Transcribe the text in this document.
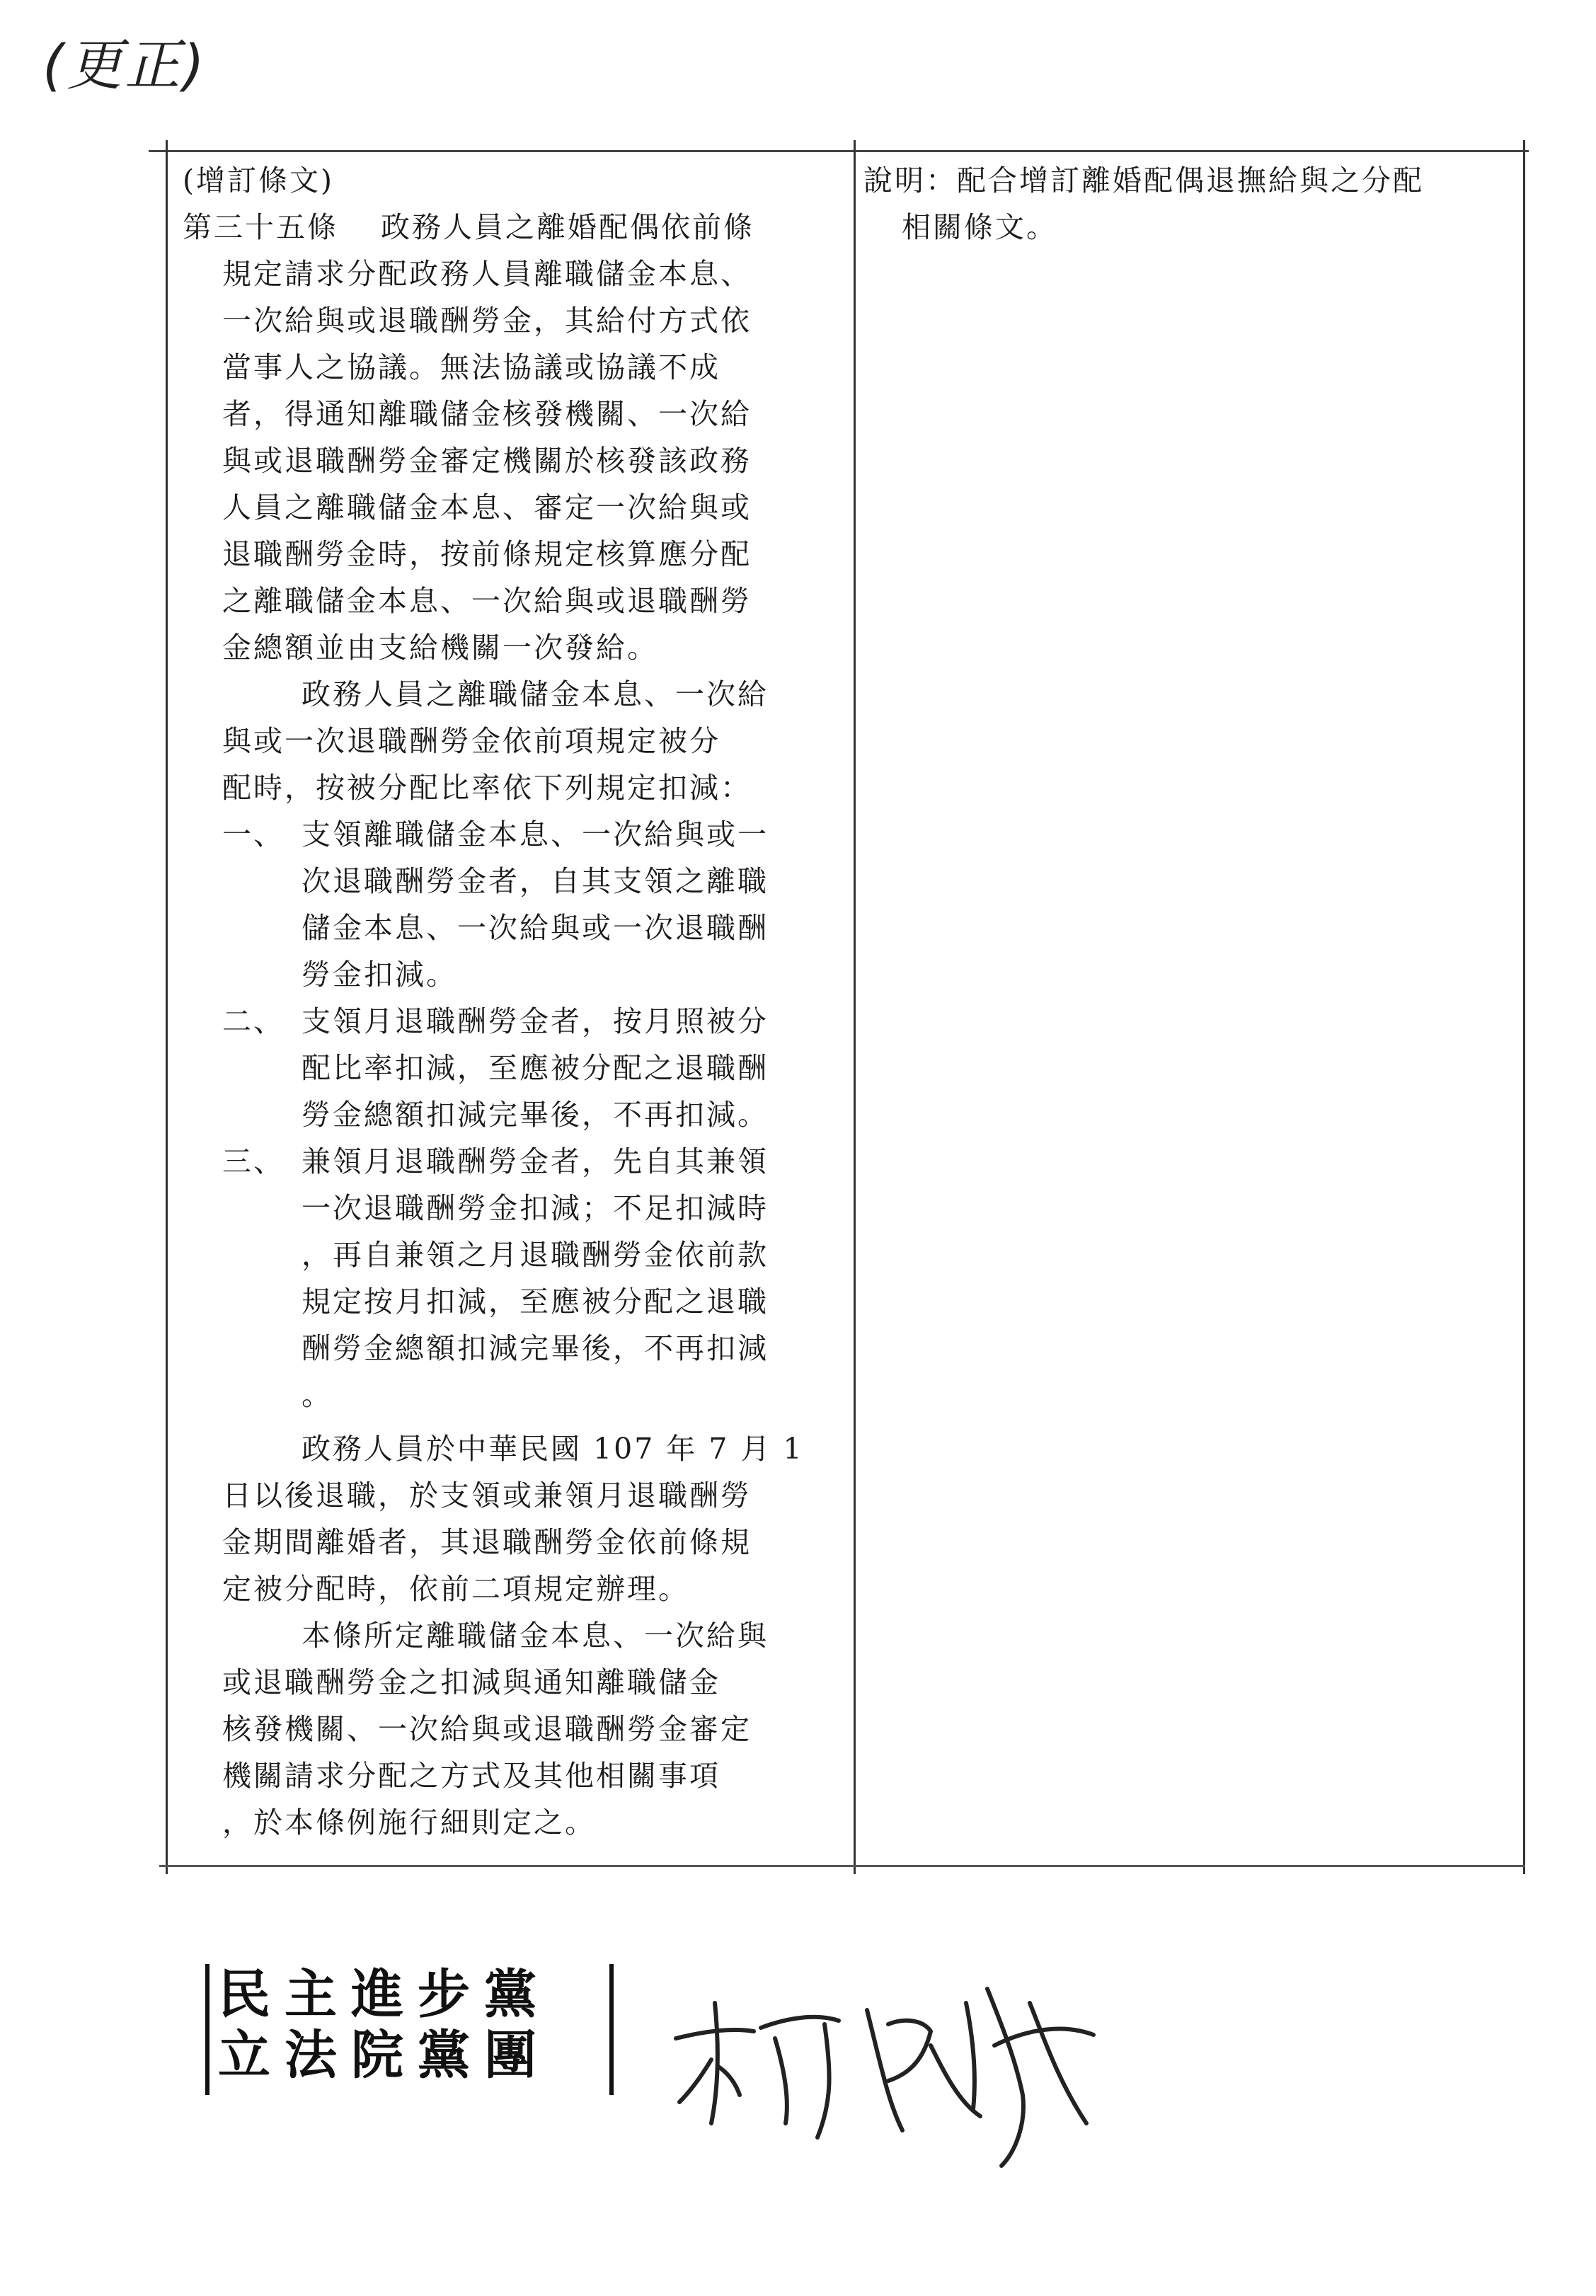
(更正)

(增訂條文)

第三十五條　 政務人員之離婚配偶依前條

規定請求分配政務人員離職儲金本息、

一次給與或退職酬勞金，其給付方式依

當事人之協議。無法協議或協議不成

者，得通知離職儲金核發機關、一次給

與或退職酬勞金審定機關於核發該政務

人員之離職儲金本息、審定一次給與或

退職酬勞金時，按前條規定核算應分配

之離職儲金本息、一次給與或退職酬勞

金總額並由支給機關一次發給。

政務人員之離職儲金本息、一次給

與或一次退職酬勞金依前項規定被分

配時，按被分配比率依下列規定扣減：

一、 支領離職儲金本息、一次給與或一

次退職酬勞金者，自其支領之離職

儲金本息、一次給與或一次退職酬

勞金扣減。

二、 支領月退職酬勞金者，按月照被分

配比率扣減，至應被分配之退職酬

勞金總額扣減完畢後，不再扣減。

三、 兼領月退職酬勞金者，先自其兼領

一次退職酬勞金扣減；不足扣減時

，再自兼領之月退職酬勞金依前款

規定按月扣減，至應被分配之退職

酬勞金總額扣減完畢後，不再扣減

。

政務人員於中華民國 107 年 7 月 1

日以後退職，於支領或兼領月退職酬勞

金期間離婚者，其退職酬勞金依前條規

定被分配時，依前二項規定辦理。

本條所定離職儲金本息、一次給與

或退職酬勞金之扣減與通知離職儲金

核發機關、一次給與或退職酬勞金審定

機關請求分配之方式及其他相關事項

，於本條例施行細則定之。

說明：配合增訂離婚配偶退撫給與之分配

相關條文。

民主進步黨
立法院黨團
